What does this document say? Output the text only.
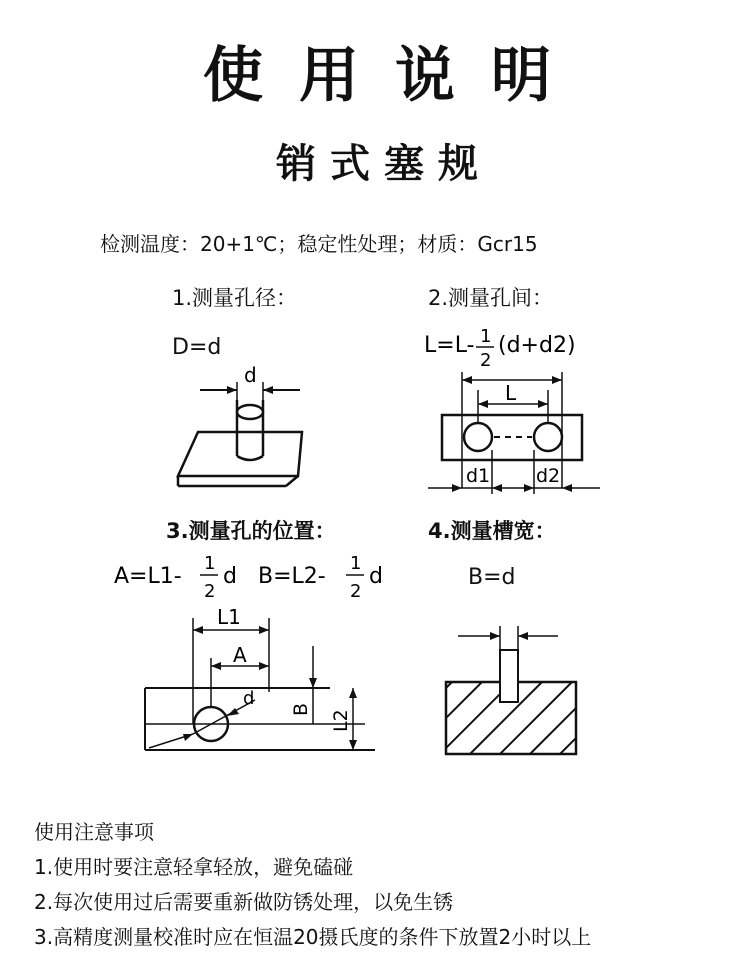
使用说明
销式塞规
检测温度：20+1℃；稳定性处理；材质：Gcr15
1.测量孔径：
D=d
d
2.测量孔间：
L=L- 1
2
(d+d2)
L
d1 d2
3.测量孔的位置：
A=L1-
1
2
d B=L2-
1
2
d
L1
A
d
B L2
4.测量槽宽：
B=d
使用注意事项
1.使用时要注意轻拿轻放，避免磕碰
2.每次使用过后需要重新做防锈处理，以免生锈
3.高精度测量校准时应在恒温20摄氏度的条件下放置2小时以上
